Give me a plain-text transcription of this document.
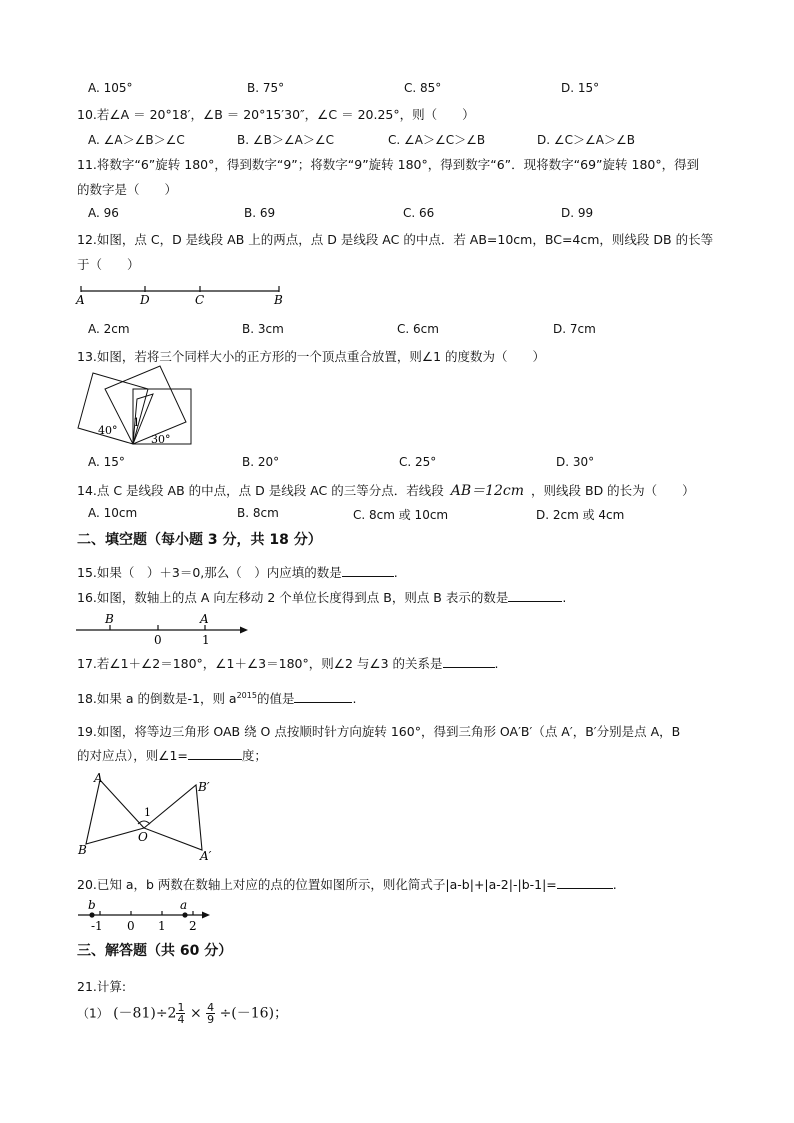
A. 105°	B. 75°	C. 85°	D. 15°
10.若∠A ＝ 20°18′，∠B ＝ 20°15′30″，∠C ＝ 20.25°，则（　　）
A. ∠A＞∠B＞∠C	B. ∠B＞∠A＞∠C	C. ∠A＞∠C＞∠B	D. ∠C＞∠A＞∠B
11.将数字“6”旋转 180°，得到数字“9”；将数字“9”旋转 180°，得到数字“6”．现将数字“69”旋转 180°，得到
的数字是（　　）
A. 96	B. 69	C. 66	D. 99
12.如图，点 C，D 是线段 AB 上的两点，点 D 是线段 AC 的中点．若 AB=10cm，BC=4cm，则线段 DB 的长等
于（　　）
A	D	C	B
A. 2cm	B. 3cm	C. 6cm	D. 7cm
13.如图，若将三个同样大小的正方形的一个顶点重合放置，则∠1 的度数为（　　）
40°
1
30°
A. 15°	B. 20°	C. 25°	D. 30°
14.点 C 是线段 AB 的中点，点 D 是线段 AC 的三等分点．若线段 AB＝12cm ，则线段 BD 的长为（　　）
A. 10cm	B. 8cm	C. 8cm 或 10cm	D. 2cm 或 4cm
二、填空题（每小题 3 分，共 18 分）
15.如果（　）＋3＝0,那么（　）内应填的数是	.
16.如图，数轴上的点 A 向左移动 2 个单位长度得到点 B，则点 B 表示的数是	.
B	A
0	1
17.若∠1＋∠2＝180°，∠1＋∠3＝180°，则∠2 与∠3 的关系是	.
18.如果 a 的倒数是-1，则 $a^{2015}$的值是	.
19.如图，将等边三角形 OAB 绕 O 点按顺时针方向旋转 160°，得到三角形 OA′B′（点 A′，B′分别是点 A，B
的对应点），则∠1=	度；
A
B
O
B′
A′
1
20.已知 a，b 两数在数轴上对应的点的位置如图所示，则化简式子|a-b|+|a-2|-|b-1|=	.
b	a
-1 0 1 2
三、解答题（共 60 分）
21.计算:
（1） $(-81)\div 2 \frac{1}{4} \times \frac{4}{9} \div(-16)$；
